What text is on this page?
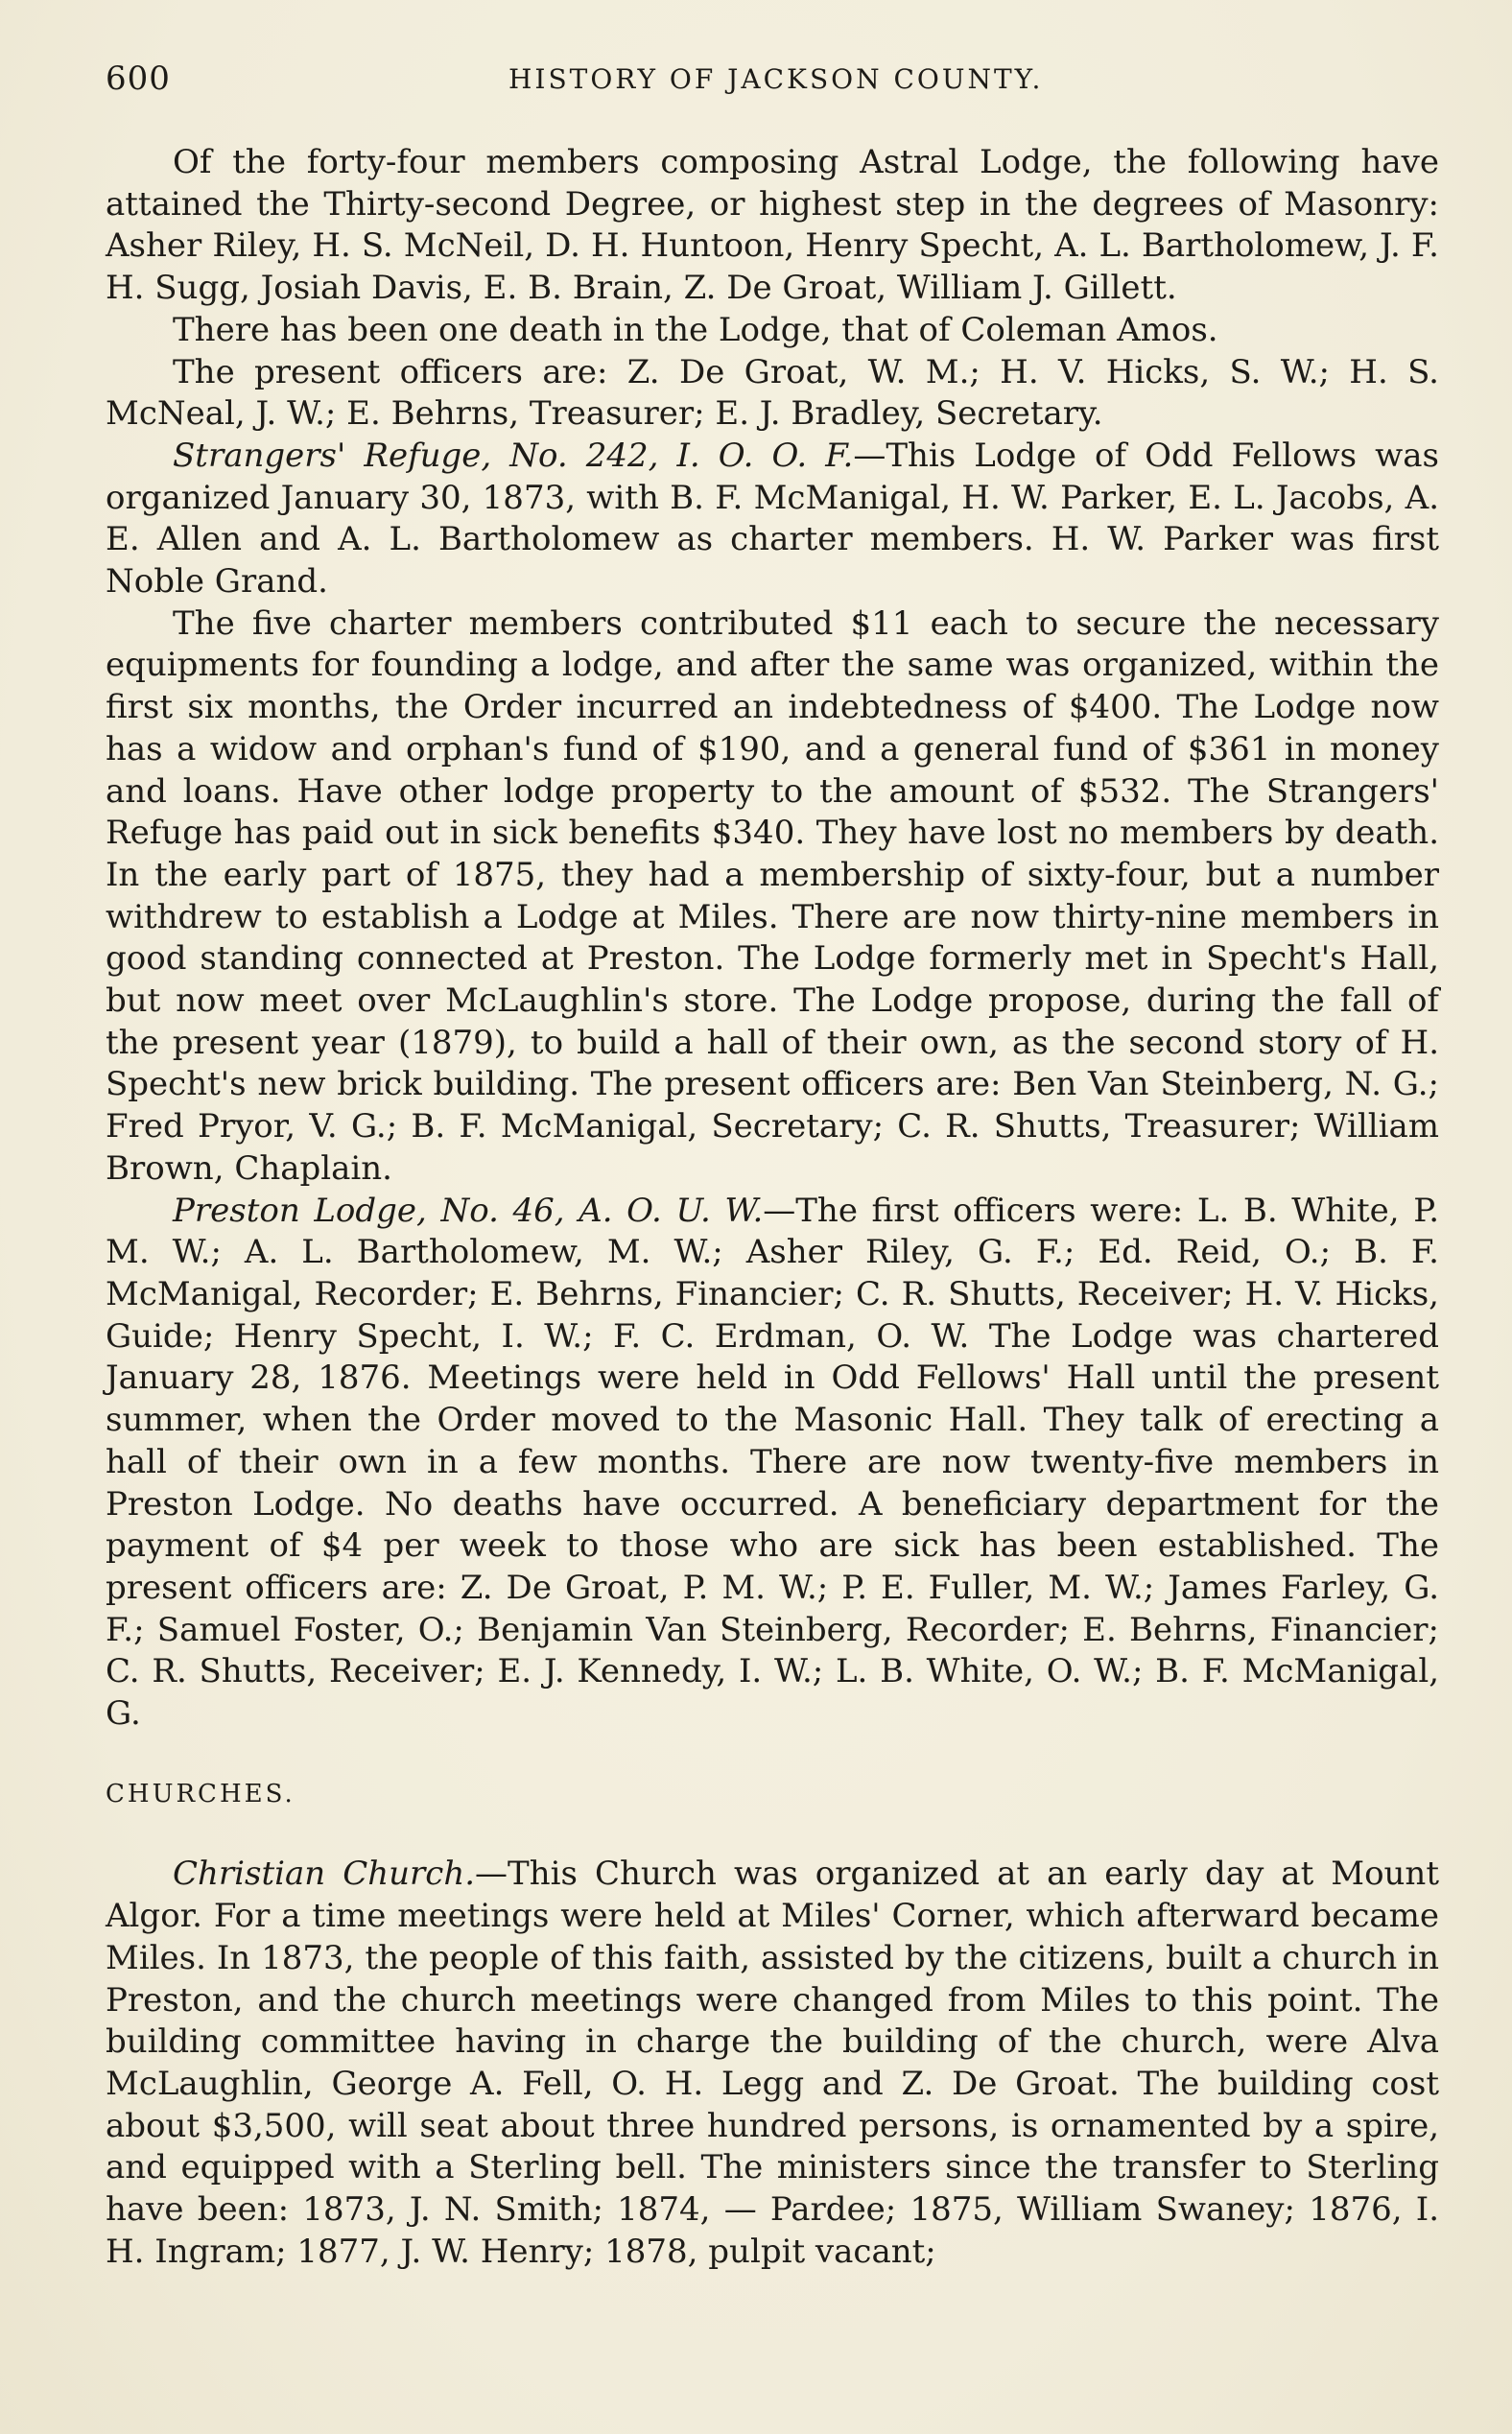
600	HISTORY OF JACKSON COUNTY.

Of the forty-four members composing Astral Lodge, the following have attained the Thirty-second Degree, or highest step in the degrees of Masonry: Asher Riley, H. S. McNeil, D. H. Huntoon, Henry Specht, A. L. Bartholomew, J. F. H. Sugg, Josiah Davis, E. B. Brain, Z. De Groat, William J. Gillett.

There has been one death in the Lodge, that of Coleman Amos.

The present officers are: Z. De Groat, W. M.; H. V. Hicks, S. W.; H. S. McNeal, J. W.; E. Behrns, Treasurer; E. J. Bradley, Secretary.

Strangers' Refuge, No. 242, I. O. O. F.—This Lodge of Odd Fellows was organized January 30, 1873, with B. F. McManigal, H. W. Parker, E. L. Jacobs, A. E. Allen and A. L. Bartholomew as charter members. H. W. Parker was first Noble Grand.

The five charter members contributed $11 each to secure the necessary equipments for founding a lodge, and after the same was organized, within the first six months, the Order incurred an indebtedness of $400. The Lodge now has a widow and orphan's fund of $190, and a general fund of $361 in money and loans. Have other lodge property to the amount of $532. The Strangers' Refuge has paid out in sick benefits $340. They have lost no members by death. In the early part of 1875, they had a membership of sixty-four, but a number withdrew to establish a Lodge at Miles. There are now thirty-nine members in good standing connected at Preston. The Lodge formerly met in Specht's Hall, but now meet over McLaughlin's store. The Lodge propose, during the fall of the present year (1879), to build a hall of their own, as the second story of H. Specht's new brick building. The present officers are: Ben Van Steinberg, N. G.; Fred Pryor, V. G.; B. F. McManigal, Secretary; C. R. Shutts, Treasurer; William Brown, Chaplain.

Preston Lodge, No. 46, A. O. U. W.—The first officers were: L. B. White, P. M. W.; A. L. Bartholomew, M. W.; Asher Riley, G. F.; Ed. Reid, O.; B. F. McManigal, Recorder; E. Behrns, Financier; C. R. Shutts, Receiver; H. V. Hicks, Guide; Henry Specht, I. W.; F. C. Erdman, O. W. The Lodge was chartered January 28, 1876. Meetings were held in Odd Fellows' Hall until the present summer, when the Order moved to the Masonic Hall. They talk of erecting a hall of their own in a few months. There are now twenty-five members in Preston Lodge. No deaths have occurred. A beneficiary department for the payment of $4 per week to those who are sick has been established. The present officers are: Z. De Groat, P. M. W.; P. E. Fuller, M. W.; James Farley, G. F.; Samuel Foster, O.; Benjamin Van Steinberg, Recorder; E. Behrns, Financier; C. R. Shutts, Receiver; E. J. Kennedy, I. W.; L. B. White, O. W.; B. F. McManigal, G.

CHURCHES.

Christian Church.—This Church was organized at an early day at Mount Algor. For a time meetings were held at Miles' Corner, which afterward became Miles. In 1873, the people of this faith, assisted by the citizens, built a church in Preston, and the church meetings were changed from Miles to this point. The building committee having in charge the building of the church, were Alva McLaughlin, George A. Fell, O. H. Legg and Z. De Groat. The building cost about $3,500, will seat about three hundred persons, is ornamented by a spire, and equipped with a Sterling bell. The ministers since the transfer to Sterling have been: 1873, J. N. Smith; 1874, — Pardee; 1875, William Swaney; 1876, I. H. Ingram; 1877, J. W. Henry; 1878, pulpit vacant;
